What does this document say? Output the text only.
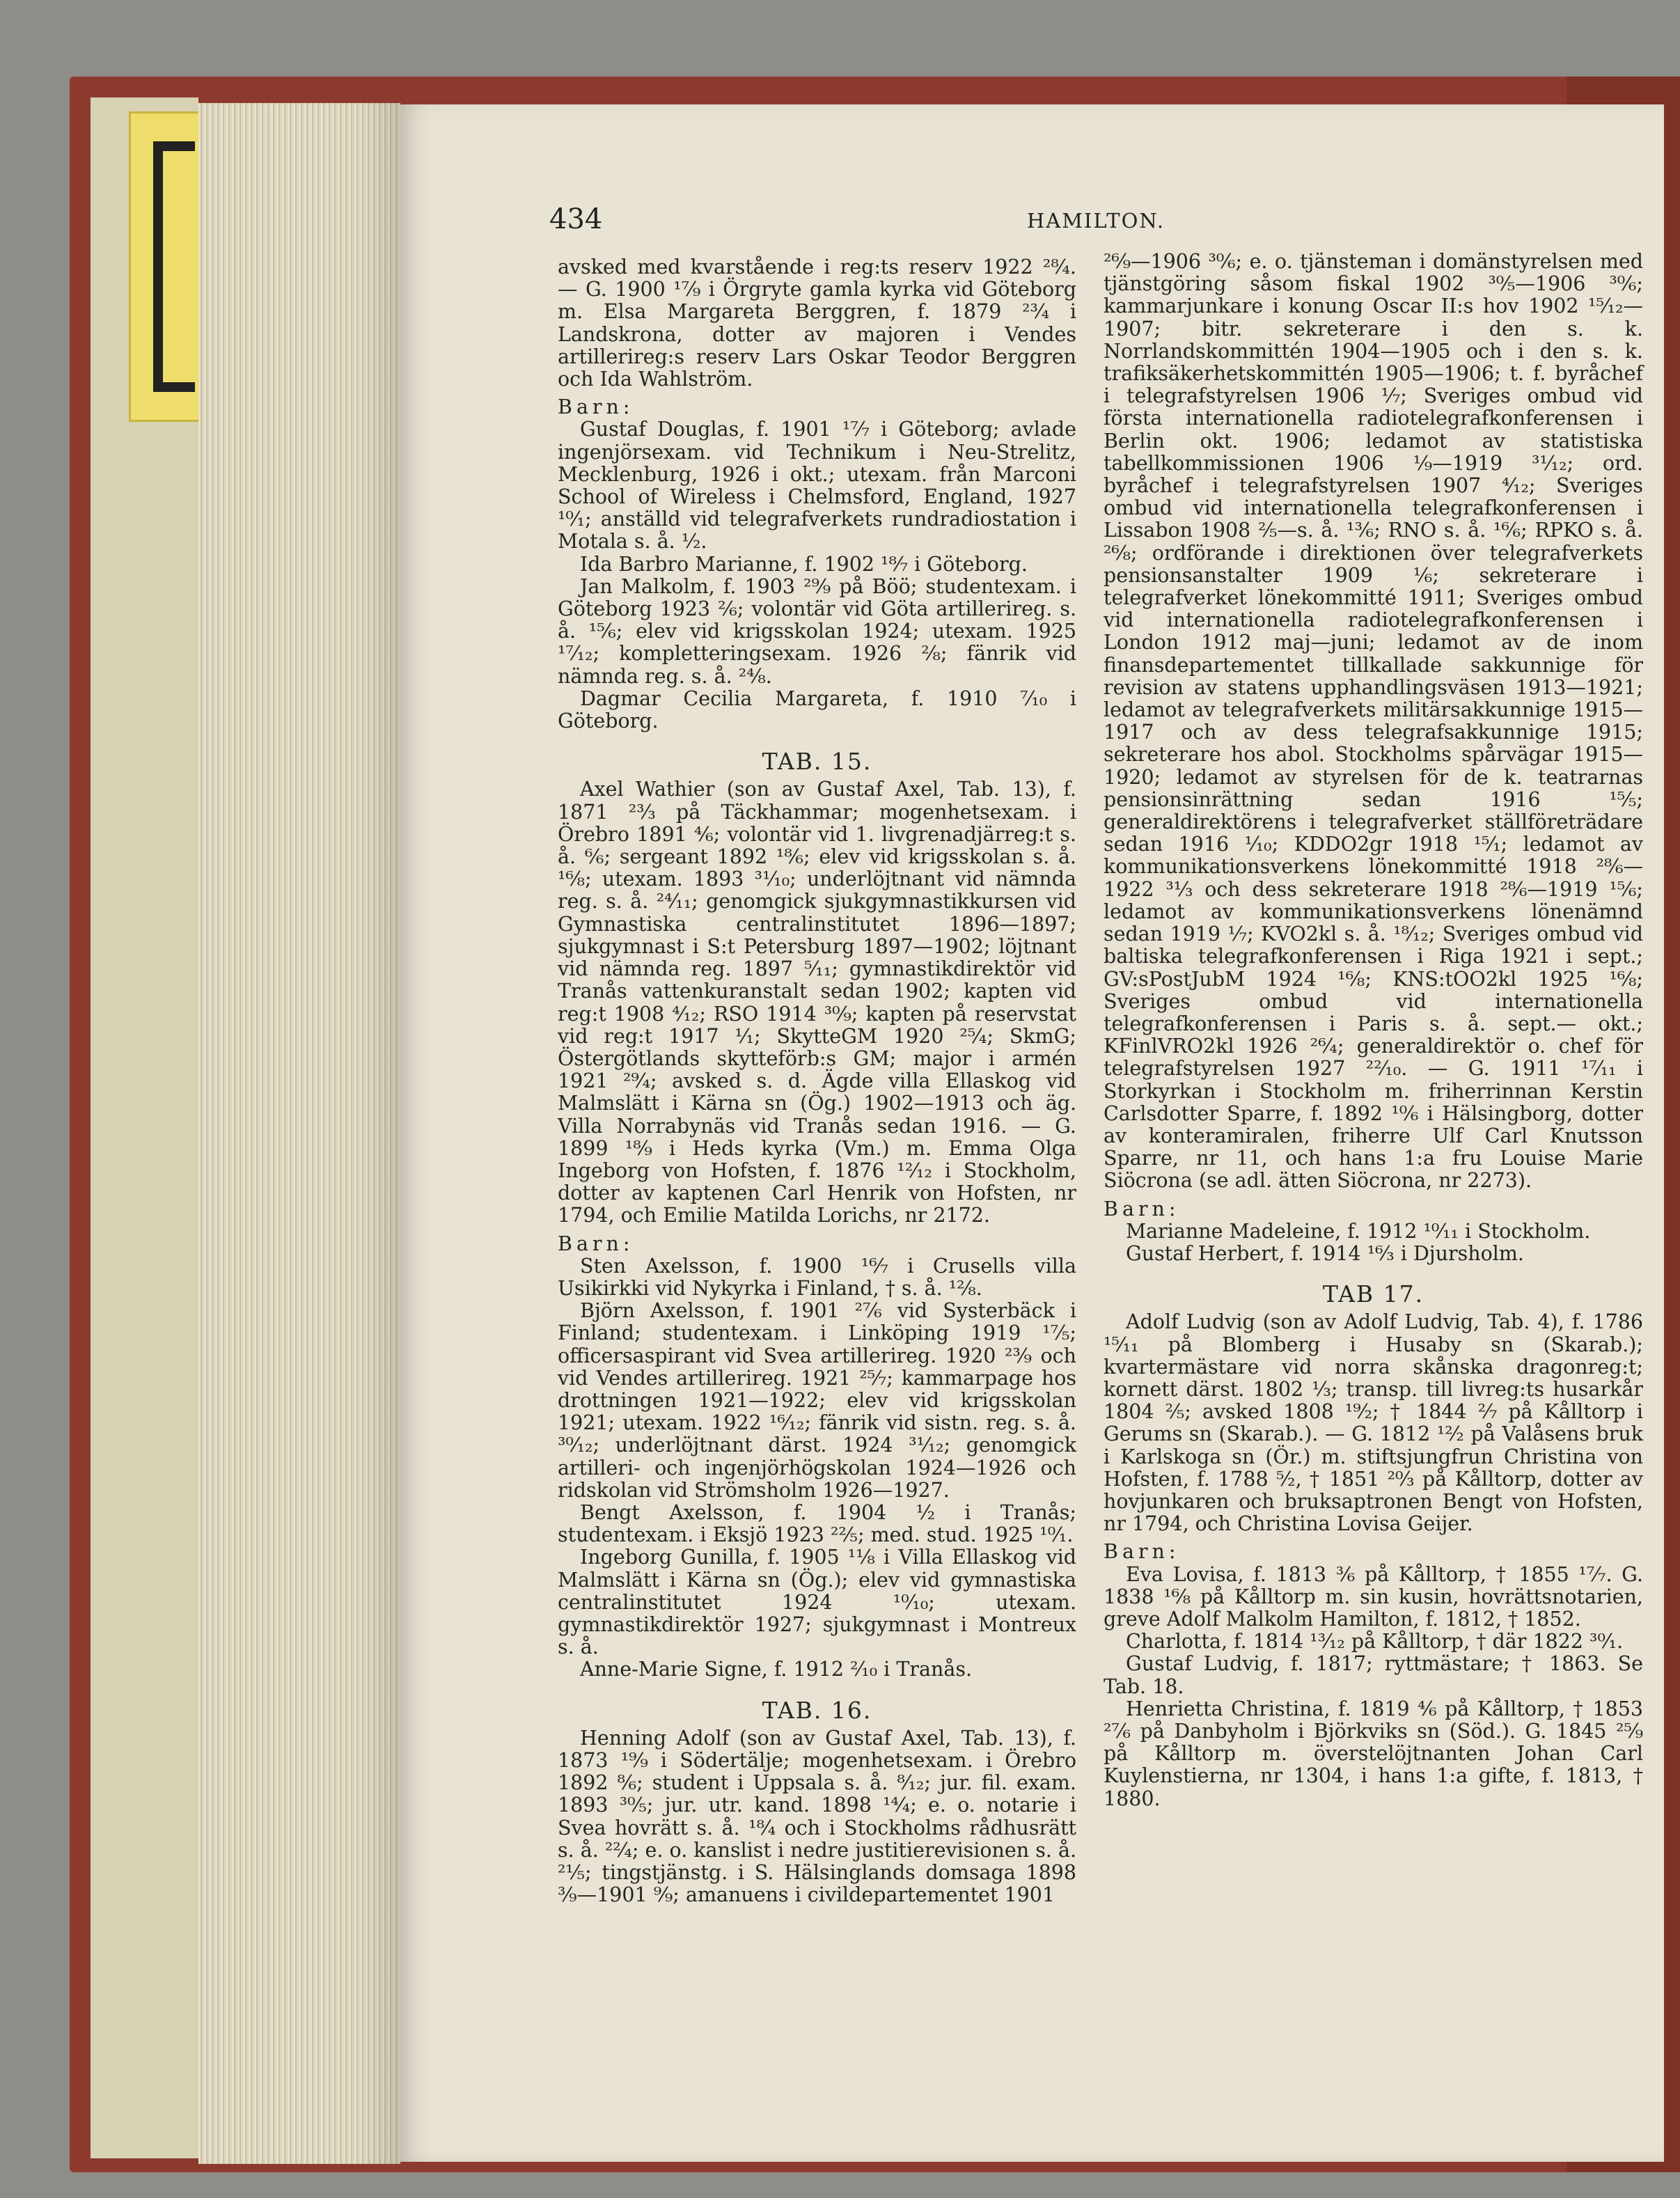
434	HAMILTON.

avsked med kvarstående i reg:ts reserv 1922 ²⁸⁄₄. — G. 1900 ¹⁷⁄₉ i Örgryte gamla kyrka vid Göteborg m. Elsa Margareta Berggren, f. 1879 ²³⁄₄ i Landskrona, dotter av majoren i Vendes artillerireg:s reserv Lars Oskar Teodor Berggren och Ida Wahlström.

Barn:

Gustaf Douglas, f. 1901 ¹⁷⁄₇ i Göteborg; avlade ingenjörsexam. vid Technikum i Neu-Strelitz, Mecklenburg, 1926 i okt.; utexam. från Marconi School of Wireless i Chelmsford, England, 1927 ¹⁰⁄₁; anställd vid telegrafverkets rundradiostation i Motala s. å. ¹⁄₂.

Ida Barbro Marianne, f. 1902 ¹⁸⁄₇ i Göteborg.

Jan Malkolm, f. 1903 ²⁹⁄₉ på Böö; studentexam. i Göteborg 1923 ²⁄₆; volontär vid Göta artillerireg. s. å. ¹⁵⁄₆; elev vid krigsskolan 1924; utexam. 1925 ¹⁷⁄₁₂; kompletteringsexam. 1926 ²⁄₈; fänrik vid nämnda reg. s. å. ²⁴⁄₈.

Dagmar Cecilia Margareta, f. 1910 ⁷⁄₁₀ i Göteborg.

TAB. 15.

Axel Wathier (son av Gustaf Axel, Tab. 13), f. 1871 ²³⁄₃ på Täckhammar; mogenhetsexam. i Örebro 1891 ⁴⁄₆; volontär vid 1. livgrenadjärreg:t s. å. ⁶⁄₆; sergeant 1892 ¹⁸⁄₆; elev vid krigsskolan s. å. ¹⁶⁄₈; utexam. 1893 ³¹⁄₁₀; underlöjtnant vid nämnda reg. s. å. ²⁴⁄₁₁; genomgick sjukgymnastikkursen vid Gymnastiska centralinstitutet 1896—1897; sjukgymnast i S:t Petersburg 1897—1902; löjtnant vid nämnda reg. 1897 ⁵⁄₁₁; gymnastikdirektör vid Tranås vattenkuranstalt sedan 1902; kapten vid reg:t 1908 ⁴⁄₁₂; RSO 1914 ³⁰⁄₉; kapten på reservstat vid reg:t 1917 ¹⁄₁; SkytteGM 1920 ²⁵⁄₄; SkmG; Östergötlands skytteförb:s GM; major i armén 1921 ²⁹⁄₄; avsked s. d. Ägde villa Ellaskog vid Malmslätt i Kärna sn (Ög.) 1902—1913 och äg. Villa Norrabynäs vid Tranås sedan 1916. — G. 1899 ¹⁸⁄₉ i Heds kyrka (Vm.) m. Emma Olga Ingeborg von Hofsten, f. 1876 ¹²⁄₁₂ i Stockholm, dotter av kaptenen Carl Henrik von Hofsten, nr 1794, och Emilie Matilda Lorichs, nr 2172.

Barn:

Sten Axelsson, f. 1900 ¹⁶⁄₇ i Crusells villa Usikirkki vid Nykyrka i Finland, † s. å. ¹²⁄₈.

Björn Axelsson, f. 1901 ²⁷⁄₆ vid Systerbäck i Finland; studentexam. i Linköping 1919 ¹⁷⁄₅; officersaspirant vid Svea artillerireg. 1920 ²³⁄₉ och vid Vendes artillerireg. 1921 ²⁵⁄₇; kammarpage hos drottningen 1921—1922; elev vid krigsskolan 1921; utexam. 1922 ¹⁶⁄₁₂; fänrik vid sistn. reg. s. å. ³⁰⁄₁₂; underlöjtnant därst. 1924 ³¹⁄₁₂; genomgick artilleri- och ingenjörhögskolan 1924—1926 och ridskolan vid Strömsholm 1926—1927.

Bengt Axelsson, f. 1904 ¹⁄₂ i Tranås; studentexam. i Eksjö 1923 ²²⁄₅; med. stud. 1925 ¹⁰⁄₁.

Ingeborg Gunilla, f. 1905 ¹¹⁄₈ i Villa Ellaskog vid Malmslätt i Kärna sn (Ög.); elev vid gymnastiska centralinstitutet 1924 ¹⁰⁄₁₀; utexam. gymnastikdirektör 1927; sjukgymnast i Montreux s. å.

Anne-Marie Signe, f. 1912 ²⁄₁₀ i Tranås.

TAB. 16.

Henning Adolf (son av Gustaf Axel, Tab. 13), f. 1873 ¹⁹⁄₉ i Södertälje; mogenhetsexam. i Örebro 1892 ⁸⁄₆; student i Uppsala s. å. ⁸⁄₁₂; jur. fil. exam. 1893 ³⁰⁄₅; jur. utr. kand. 1898 ¹⁴⁄₄; e. o. notarie i Svea hovrätt s. å. ¹⁸⁄₄ och i Stockholms rådhusrätt s. å. ²²⁄₄; e. o. kanslist i nedre justitierevisionen s. å. ²¹⁄₅; tingstjänstg. i S. Hälsinglands domsaga 1898 ³⁄₉—1901 ⁹⁄₉; amanuens i civildepartementet 1901

²⁶⁄₉—1906 ³⁰⁄₆; e. o. tjänsteman i domänstyrelsen med tjänstgöring såsom fiskal 1902 ³⁰⁄₅—1906 ³⁰⁄₆; kammarjunkare i konung Oscar II:s hov 1902 ¹⁵⁄₁₂—1907; bitr. sekreterare i den s. k. Norrlandskommittén 1904—1905 och i den s. k. trafiksäkerhetskommittén 1905—1906; t. f. byråchef i telegrafstyrelsen 1906 ¹⁄₇; Sveriges ombud vid första internationella radiotelegrafkonferensen i Berlin okt. 1906; ledamot av statistiska tabellkommissionen 1906 ¹⁄₉—1919 ³¹⁄₁₂; ord. byråchef i telegrafstyrelsen 1907 ⁴⁄₁₂; Sveriges ombud vid internationella telegrafkonferensen i Lissabon 1908 ²⁄₅—s. å. ¹³⁄₆; RNO s. å. ¹⁶⁄₆; RPKO s. å. ²⁶⁄₈; ordförande i direktionen över telegrafverkets pensionsanstalter 1909 ¹⁄₆; sekreterare i telegrafverket lönekommitté 1911; Sveriges ombud vid internationella radiotelegrafkonferensen i London 1912 maj—juni; ledamot av de inom finansdepartementet tillkallade sakkunnige för revision av statens upphandlingsväsen 1913—1921; ledamot av telegrafverkets militärsakkunnige 1915—1917 och av dess telegrafsakkunnige 1915; sekreterare hos abol. Stockholms spårvägar 1915—1920; ledamot av styrelsen för de k. teatrarnas pensionsinrättning sedan 1916 ¹⁵⁄₅; generaldirektörens i telegrafverket ställföreträdare sedan 1916 ¹⁄₁₀; KDDO2gr 1918 ¹⁵⁄₁; ledamot av kommunikationsverkens lönekommitté 1918 ²⁸⁄₆—1922 ³¹⁄₃ och dess sekreterare 1918 ²⁸⁄₆—1919 ¹⁵⁄₆; ledamot av kommunikationsverkens lönenämnd sedan 1919 ¹⁄₇; KVO2kl s. å. ¹⁸⁄₁₂; Sveriges ombud vid baltiska telegrafkonferensen i Riga 1921 i sept.; GV:sPostJubM 1924 ¹⁶⁄₈; KNS:tOO2kl 1925 ¹⁶⁄₈; Sveriges ombud vid internationella telegrafkonferensen i Paris s. å. sept.— okt.; KFinlVRO2kl 1926 ²⁶⁄₄; generaldirektör o. chef för telegrafstyrelsen 1927 ²²⁄₁₀. — G. 1911 ¹⁷⁄₁₁ i Storkyrkan i Stockholm m. friherrinnan Kerstin Carlsdotter Sparre, f. 1892 ¹⁰⁄₆ i Hälsingborg, dotter av konteramiralen, friherre Ulf Carl Knutsson Sparre, nr 11, och hans 1:a fru Louise Marie Siöcrona (se adl. ätten Siöcrona, nr 2273).

Barn:

Marianne Madeleine, f. 1912 ¹⁰⁄₁₁ i Stockholm.

Gustaf Herbert, f. 1914 ¹⁶⁄₃ i Djursholm.

TAB 17.

Adolf Ludvig (son av Adolf Ludvig, Tab. 4), f. 1786 ¹⁵⁄₁₁ på Blomberg i Husaby sn (Skarab.); kvartermästare vid norra skånska dragonreg:t; kornett därst. 1802 ¹⁄₃; transp. till livreg:ts husarkår 1804 ²⁄₅; avsked 1808 ¹⁹⁄₂; † 1844 ²⁄₇ på Kålltorp i Gerums sn (Skarab.). — G. 1812 ¹²⁄₂ på Valåsens bruk i Karlskoga sn (Ör.) m. stiftsjungfrun Christina von Hofsten, f. 1788 ⁵⁄₂, † 1851 ²⁰⁄₃ på Kålltorp, dotter av hovjunkaren och bruksaptronen Bengt von Hofsten, nr 1794, och Christina Lovisa Geijer.

Barn:

Eva Lovisa, f. 1813 ³⁄₆ på Kålltorp, † 1855 ¹⁷⁄₇. G. 1838 ¹⁶⁄₈ på Kålltorp m. sin kusin, hovrättsnotarien, greve Adolf Malkolm Hamilton, f. 1812, † 1852.

Charlotta, f. 1814 ¹³⁄₁₂ på Kålltorp, † där 1822 ³⁰⁄₁.

Gustaf Ludvig, f. 1817; ryttmästare; † 1863. Se Tab. 18.

Henrietta Christina, f. 1819 ⁴⁄₆ på Kålltorp, † 1853 ²⁷⁄₆ på Danbyholm i Björkviks sn (Söd.). G. 1845 ²⁵⁄₉ på Kålltorp m. överstelöjtnanten Johan Carl Kuylenstierna, nr 1304, i hans 1:a gifte, f. 1813, † 1880.
